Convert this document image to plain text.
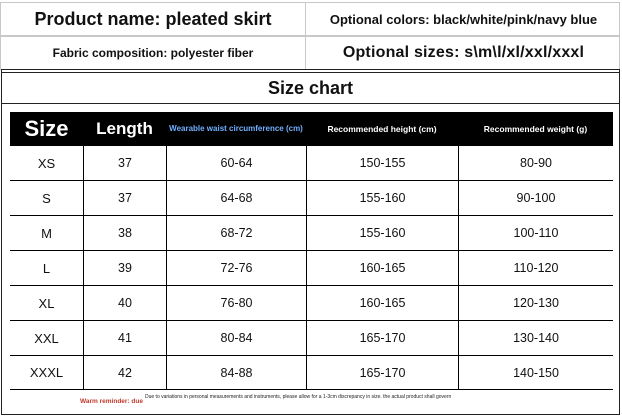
Product name: pleated skirt	Optional colors: black/white/pink/navy blue
Fabric composition: polyester fiber	Optional sizes: s\m\l/xl/xxl/xxxl
Size chart
Size	Length	Wearable waist circumference (cm)	Recommended height (cm)	Recommended weight (g)
XS	37	60-64	150-155	80-90
S	37	64-68	155-160	90-100
M	38	68-72	155-160	100-110
L	39	72-76	160-165	110-120
XL	40	76-80	160-165	120-130
XXL	41	80-84	165-170	130-140
XXXL	42	84-88	165-170	140-150
Warm reminder: due
Due to variations in personal measurements and instruments, please allow for a 1-3cm discrepancy in size. the actual product shall govern
